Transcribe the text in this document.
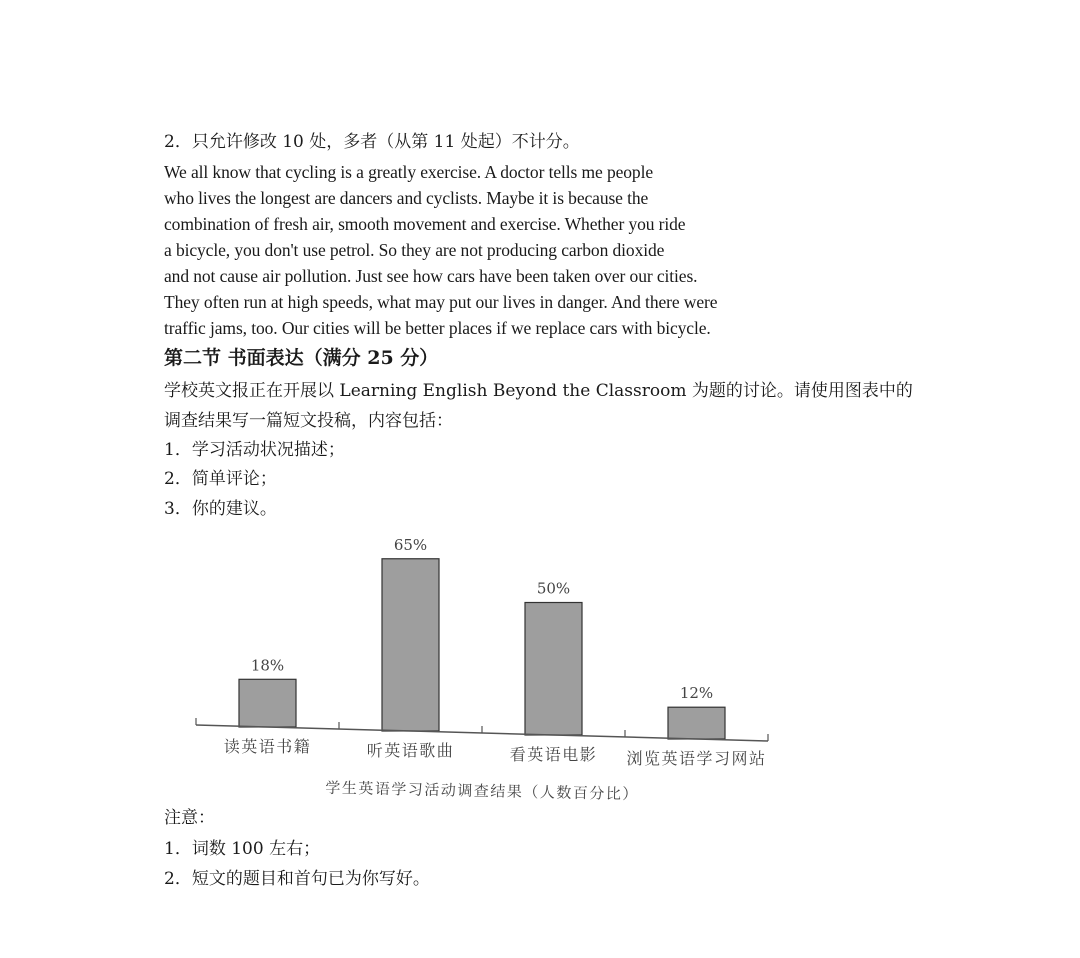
2．只允许修改 10 处，多者（从第 11 处起）不计分。
We all know that cycling is a greatly exercise. A doctor tells me people
who lives the longest are dancers and cyclists. Maybe it is because the
combination of fresh air, smooth movement and exercise. Whether you ride
a bicycle, you don't use petrol. So they are not producing carbon dioxide
and not cause air pollution. Just see how cars have been taken over our cities.
They often run at high speeds, what may put our lives in danger. And there were
traffic jams, too. Our cities will be better places if we replace cars with bicycle.
第二节 书面表达（满分 25 分）
学校英文报正在开展以 Learning English Beyond the Classroom 为题的讨论。请使用图表中的
调查结果写一篇短文投稿，内容包括：
1．学习活动状况描述；
2．简单评论；
3．你的建议。
18%
读英语书籍
65%
听英语歌曲
50%
看英语电影
12%
浏览英语学习网站
学生英语学习活动调查结果（人数百分比）
注意：
1．词数 100 左右；
2．短文的题目和首句已为你写好。
